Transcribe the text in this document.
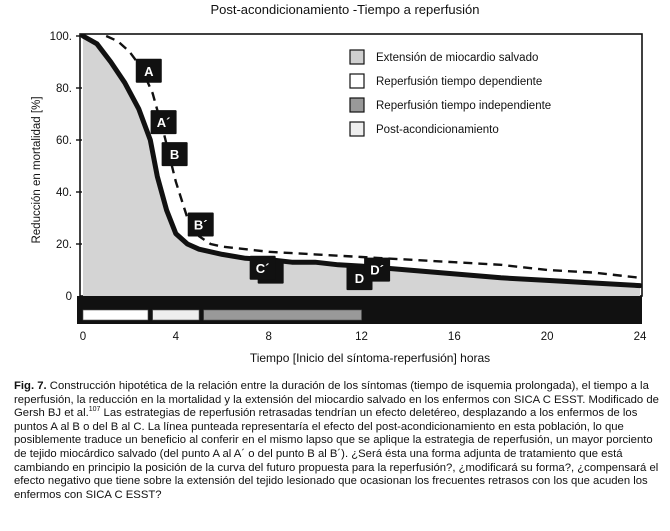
Post-acondicionamiento -Tiempo a reperfusión
100.
80.
60.
40.
20.
0
0	4	8	12	16	20	24
A
B
D
A´
B´
C´	D´
Reducción en mortalidad [%]
Tiempo [Inicio del síntoma-reperfusión] horas
Extensión de miocardio salvado
Reperfusión tiempo dependiente
Reperfusión tiempo independiente
Post-acondicionamiento
Fig. 7. Construcción hipotética de la relación entre la duración de los síntomas (tiempo de isquemia prolongada), el tiempo a la reperfusión, la reducción en la mortalidad y la extensión del miocardio salvado en los enfermos con SICA C ESST. Modificado de Gersh BJ et al.$^{107}$ Las estrategias de reperfusión retrasadas tendrían un efecto deletéreo, desplazando a los enfermos de los puntos A al B o del B al C. La línea punteada representaría el efecto del post-acondicionamiento en esta población, lo que posiblemente traduce un beneficio al conferir en el mismo lapso que se aplique la estrategia de reperfusión, un mayor porciento de tejido miocárdico salvado (del punto A al A´ o del punto B al B´). ¿Será ésta una forma adjunta de tratamiento que está cambiando en principio la posición de la curva del futuro propuesta para la reperfusión?, ¿modificará su forma?, ¿compensará el efecto negativo que tiene sobre la extensión del tejido lesionado que ocasionan los frecuentes retrasos con los que acuden los enfermos con SICA C ESST?
